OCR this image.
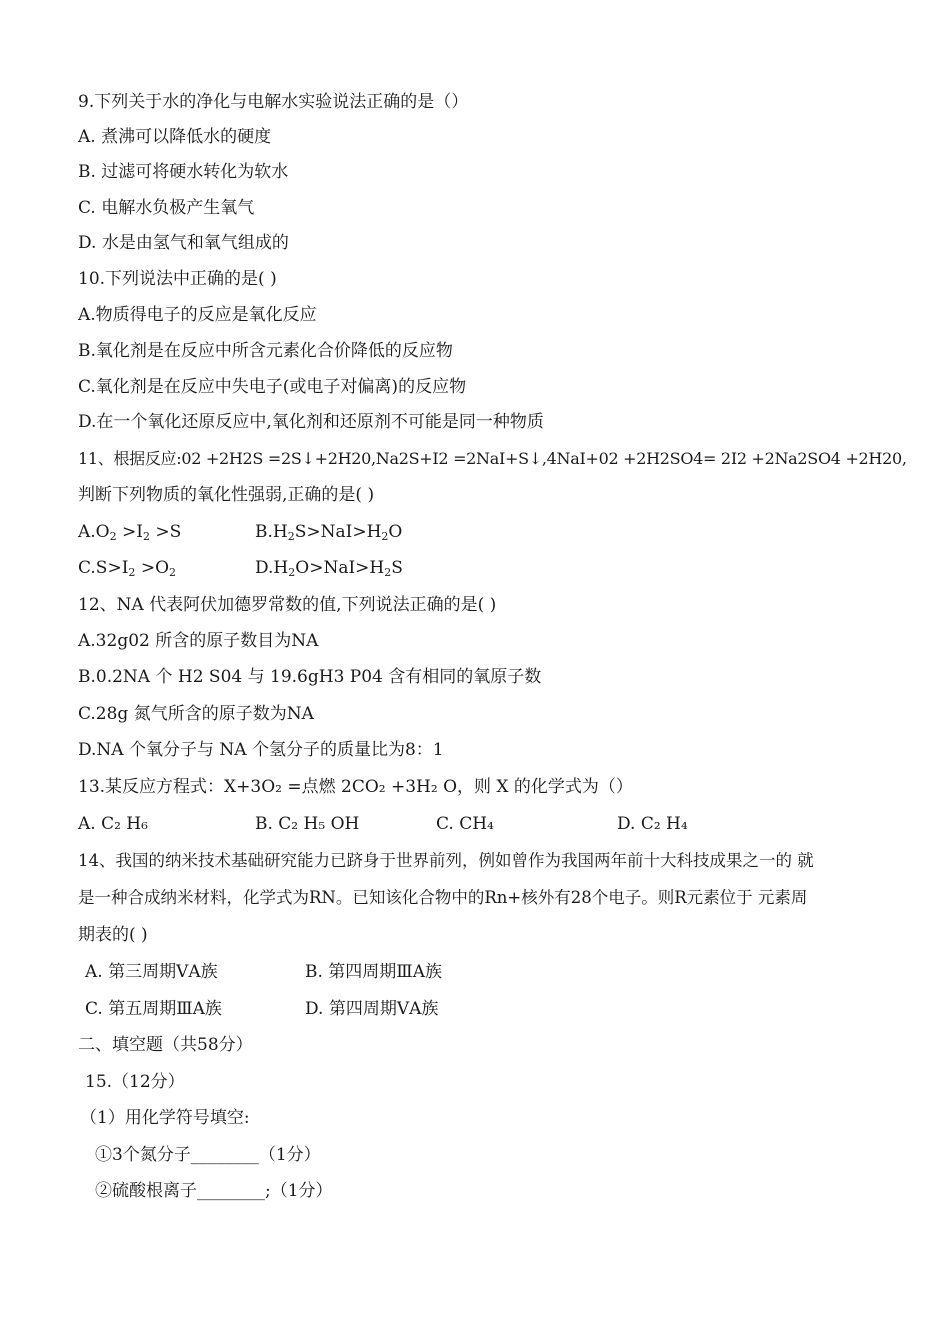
9.下列关于水的净化与电解水实验说法正确的是（）
A. 煮沸可以降低水的硬度
B. 过滤可将硬水转化为软水
C. 电解水负极产生氧气
D. 水是由氢气和氧气组成的
10.下列说法中正确的是( )
A.物质得电子的反应是氧化反应
B.氧化剂是在反应中所含元素化合价降低的反应物
C.氧化剂是在反应中失电子(或电子对偏离)的反应物
D.在一个氧化还原反应中,氧化剂和还原剂不可能是同一种物质
11、根据反应:02 +2H2S =2S↓+2H20,Na2S+I2 =2NaI+S↓,4NaI+02 +2H2SO4= 2I2 +2Na2SO4 +2H20,
判断下列物质的氧化性强弱,正确的是( )
$A.O_2 >I_2 >S$	$B.H_2S>NaI>H_2O$
$C.S>I_2 >O_2$	$D.H_2O>NaI>H_2S$
12、NA 代表阿伏加德罗常数的值,下列说法正确的是( )
A.32g02 所含的原子数目为NA
B.0.2NA 个 H2 S04 与 19.6gH3 P04 含有相同的氧原子数
C.28g 氮气所含的原子数为NA
D.NA 个氧分子与 NA 个氢分子的质量比为8：1
13.某反应方程式：X+3O₂ =点燃 2CO₂ +3H₂ O，则 X 的化学式为（）
A. C₂ H₆	B. C₂ H₅ OH	C. CH₄	D. C₂ H₄
14、我国的纳米技术基础研究能力已跻身于世界前列，例如曾作为我国两年前十大科技成果之一的 就
是一种合成纳米材料，化学式为RN。已知该化合物中的Rn+核外有28个电子。则R元素位于 元素周
期表的( )
A. 第三周期ⅤA族	B. 第四周期ⅢA族
C. 第五周期ⅢA族	D. 第四周期ⅤA族
二、填空题（共58分）
15.（12分）
（1）用化学符号填空:
①3个氮分子________（1分）
②硫酸根离子________;（1分）
